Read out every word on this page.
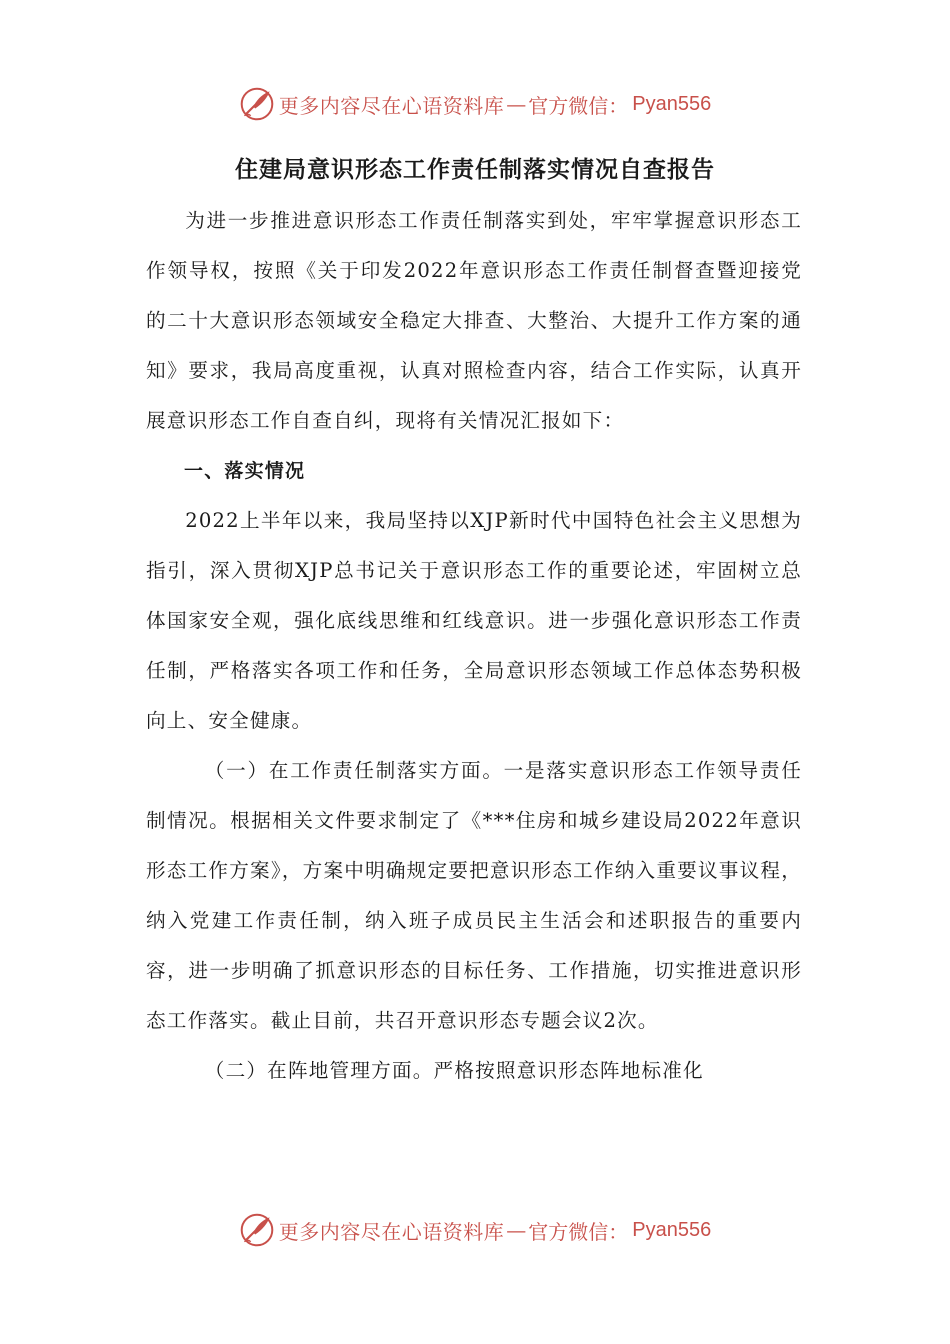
更多内容尽在心语资料库 — 官方微信： Pyan556
住建局意识形态工作责任制落实情况自查报告

为进一步推进意识形态工作责任制落实到处，牢牢掌握意识形态工作领导权，按照《关于印发2022年意识形态工作责任制督查暨迎接党的二十大意识形态领域安全稳定大排查、大整治、大提升工作方案的通知》要求，我局高度重视，认真对照检查内容，结合工作实际，认真开展意识形态工作自查自纠，现将有关情况汇报如下：

一、落实情况

2022上半年以来，我局坚持以XJP新时代中国特色社会主义思想为指引，深入贯彻XJP总书记关于意识形态工作的重要论述，牢固树立总体国家安全观，强化底线思维和红线意识。进一步强化意识形态工作责任制，严格落实各项工作和任务，全局意识形态领域工作总体态势积极向上、安全健康。

（一）在工作责任制落实方面。一是落实意识形态工作领导责任制情况。根据相关文件要求制定了《***住房和城乡建设局2022年意识形态工作方案》，方案中明确规定要把意识形态工作纳入重要议事议程，纳入党建工作责任制，纳入班子成员民主生活会和述职报告的重要内容，进一步明确了抓意识形态的目标任务、工作措施，切实推进意识形态工作落实。截止目前，共召开意识形态专题会议2次。

（二）在阵地管理方面。严格按照意识形态阵地标准化

更多内容尽在心语资料库 — 官方微信： Pyan556
